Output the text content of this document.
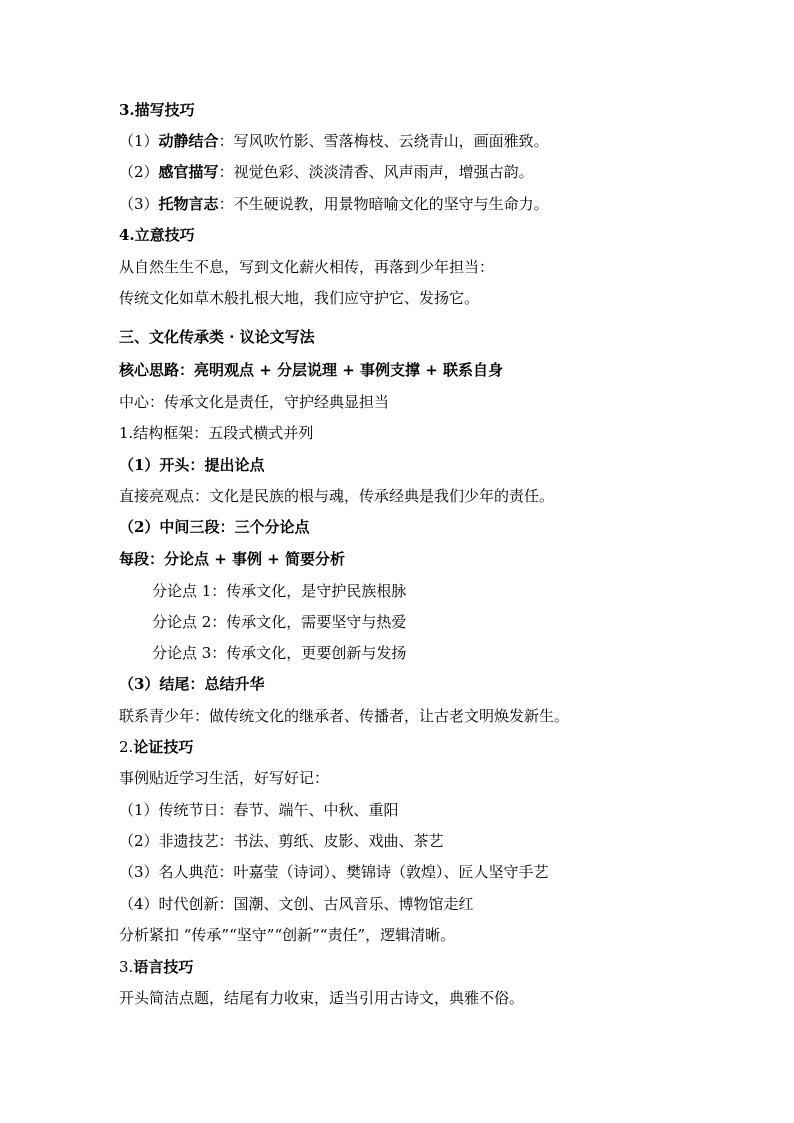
3.描写技巧
（1）动静结合：写风吹竹影、雪落梅枝、云绕青山，画面雅致。
（2）感官描写：视觉色彩、淡淡清香、风声雨声，增强古韵。
（3）托物言志：不生硬说教，用景物暗喻文化的坚守与生命力。
4.立意技巧
从自然生生不息，写到文化薪火相传，再落到少年担当：
传统文化如草木般扎根大地，我们应守护它、发扬它。
三、文化传承类 · 议论文写法
核心思路：亮明观点 + 分层说理 + 事例支撑 + 联系自身
中心：传承文化是责任，守护经典显担当
1.结构框架：五段式横式并列
（1）开头：提出论点
直接亮观点：文化是民族的根与魂，传承经典是我们少年的责任。
（2）中间三段：三个分论点
每段：分论点 + 事例 + 简要分析
分论点 1：传承文化，是守护民族根脉
分论点 2：传承文化，需要坚守与热爱
分论点 3：传承文化，更要创新与发扬
（3）结尾：总结升华
联系青少年：做传统文化的继承者、传播者，让古老文明焕发新生。
2.论证技巧
事例贴近学习生活，好写好记：
（1）传统节日：春节、端午、中秋、重阳
（2）非遗技艺：书法、剪纸、皮影、戏曲、茶艺
（3）名人典范：叶嘉莹（诗词）、樊锦诗（敦煌）、匠人坚守手艺
（4）时代创新：国潮、文创、古风音乐、博物馆走红
分析紧扣 “传承”“坚守”“创新”“责任”，逻辑清晰。
3.语言技巧
开头简洁点题，结尾有力收束，适当引用古诗文，典雅不俗。
